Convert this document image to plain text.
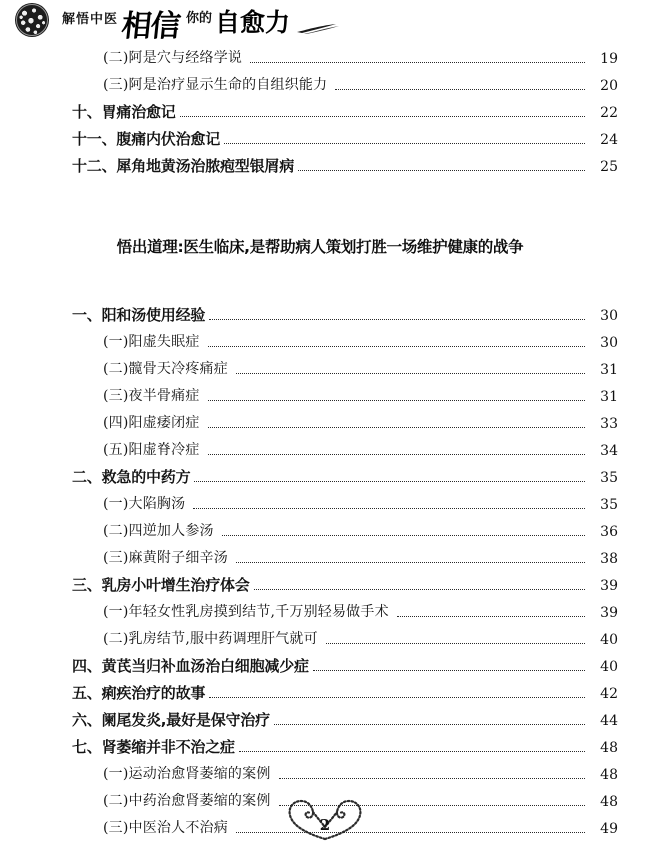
解悟中医 相信 你的 自愈力
(二)阿是穴与经络学说	19
(三)阿是治疗显示生命的自组织能力	20
十、胃痛治愈记	22
十一、腹痛内伏治愈记	24
十二、犀角地黄汤治脓疱型银屑病	25
悟出道理:医生临床,是帮助病人策划打胜一场维护健康的战争
一、阳和汤使用经验	30
(一)阳虚失眠症	30
(二)髋骨天冷疼痛症	31
(三)夜半骨痛症	31
(四)阳虚痿闭症	33
(五)阳虚脊冷症	34
二、救急的中药方	35
(一)大陷胸汤	35
(二)四逆加人参汤	36
(三)麻黄附子细辛汤	38
三、乳房小叶增生治疗体会	39
(一)年轻女性乳房摸到结节,千万别轻易做手术	39
(二)乳房结节,服中药调理肝气就可	40
四、黄芪当归补血汤治白细胞减少症	40
五、痢疾治疗的故事	42
六、阑尾发炎,最好是保守治疗	44
七、肾萎缩并非不治之症	48
(一)运动治愈肾萎缩的案例	48
(二)中药治愈肾萎缩的案例	48
(三)中医治人不治病	49
2
